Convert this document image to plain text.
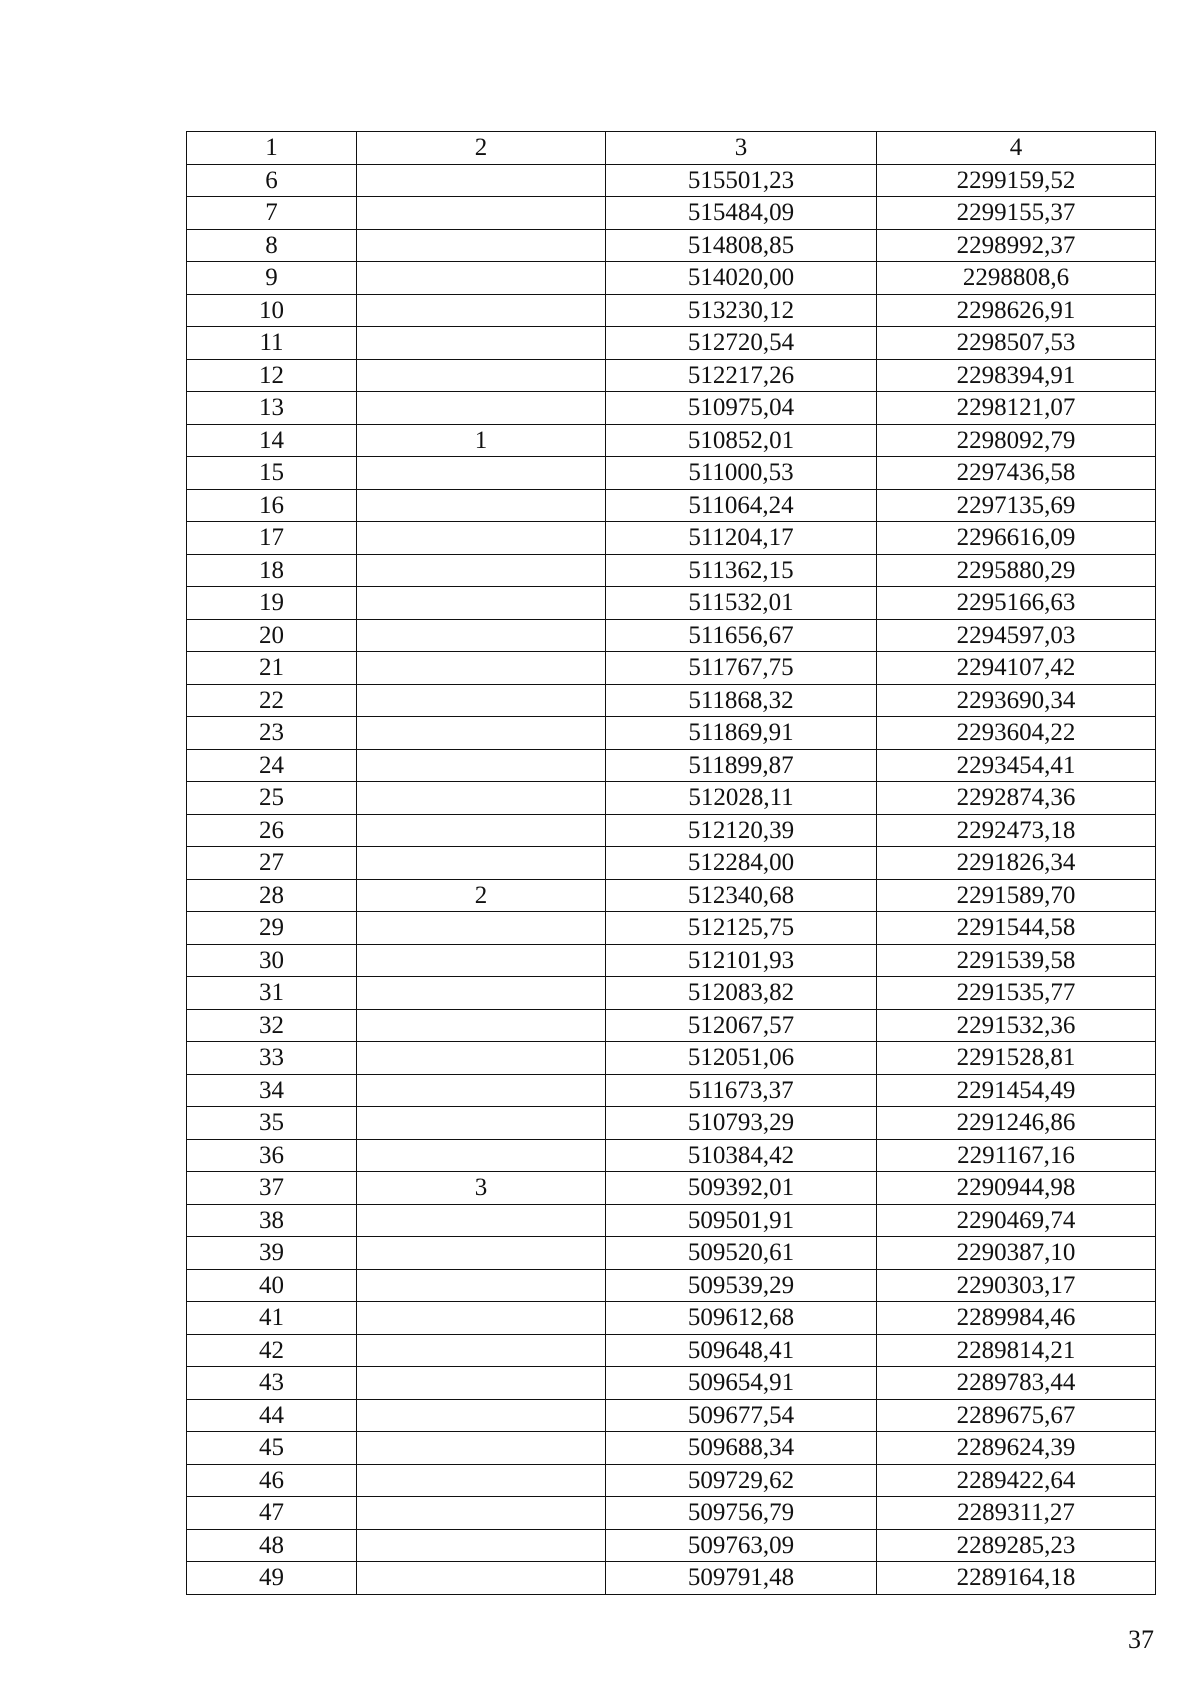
1	2	3	4
6		515501,23	2299159,52
7		515484,09	2299155,37
8		514808,85	2298992,37
9		514020,00	2298808,6
10		513230,12	2298626,91
11		512720,54	2298507,53
12		512217,26	2298394,91
13		510975,04	2298121,07
14	1	510852,01	2298092,79
15		511000,53	2297436,58
16		511064,24	2297135,69
17		511204,17	2296616,09
18		511362,15	2295880,29
19		511532,01	2295166,63
20		511656,67	2294597,03
21		511767,75	2294107,42
22		511868,32	2293690,34
23		511869,91	2293604,22
24		511899,87	2293454,41
25		512028,11	2292874,36
26		512120,39	2292473,18
27		512284,00	2291826,34
28	2	512340,68	2291589,70
29		512125,75	2291544,58
30		512101,93	2291539,58
31		512083,82	2291535,77
32		512067,57	2291532,36
33		512051,06	2291528,81
34		511673,37	2291454,49
35		510793,29	2291246,86
36		510384,42	2291167,16
37	3	509392,01	2290944,98
38		509501,91	2290469,74
39		509520,61	2290387,10
40		509539,29	2290303,17
41		509612,68	2289984,46
42		509648,41	2289814,21
43		509654,91	2289783,44
44		509677,54	2289675,67
45		509688,34	2289624,39
46		509729,62	2289422,64
47		509756,79	2289311,27
48		509763,09	2289285,23
49		509791,48	2289164,18
37
